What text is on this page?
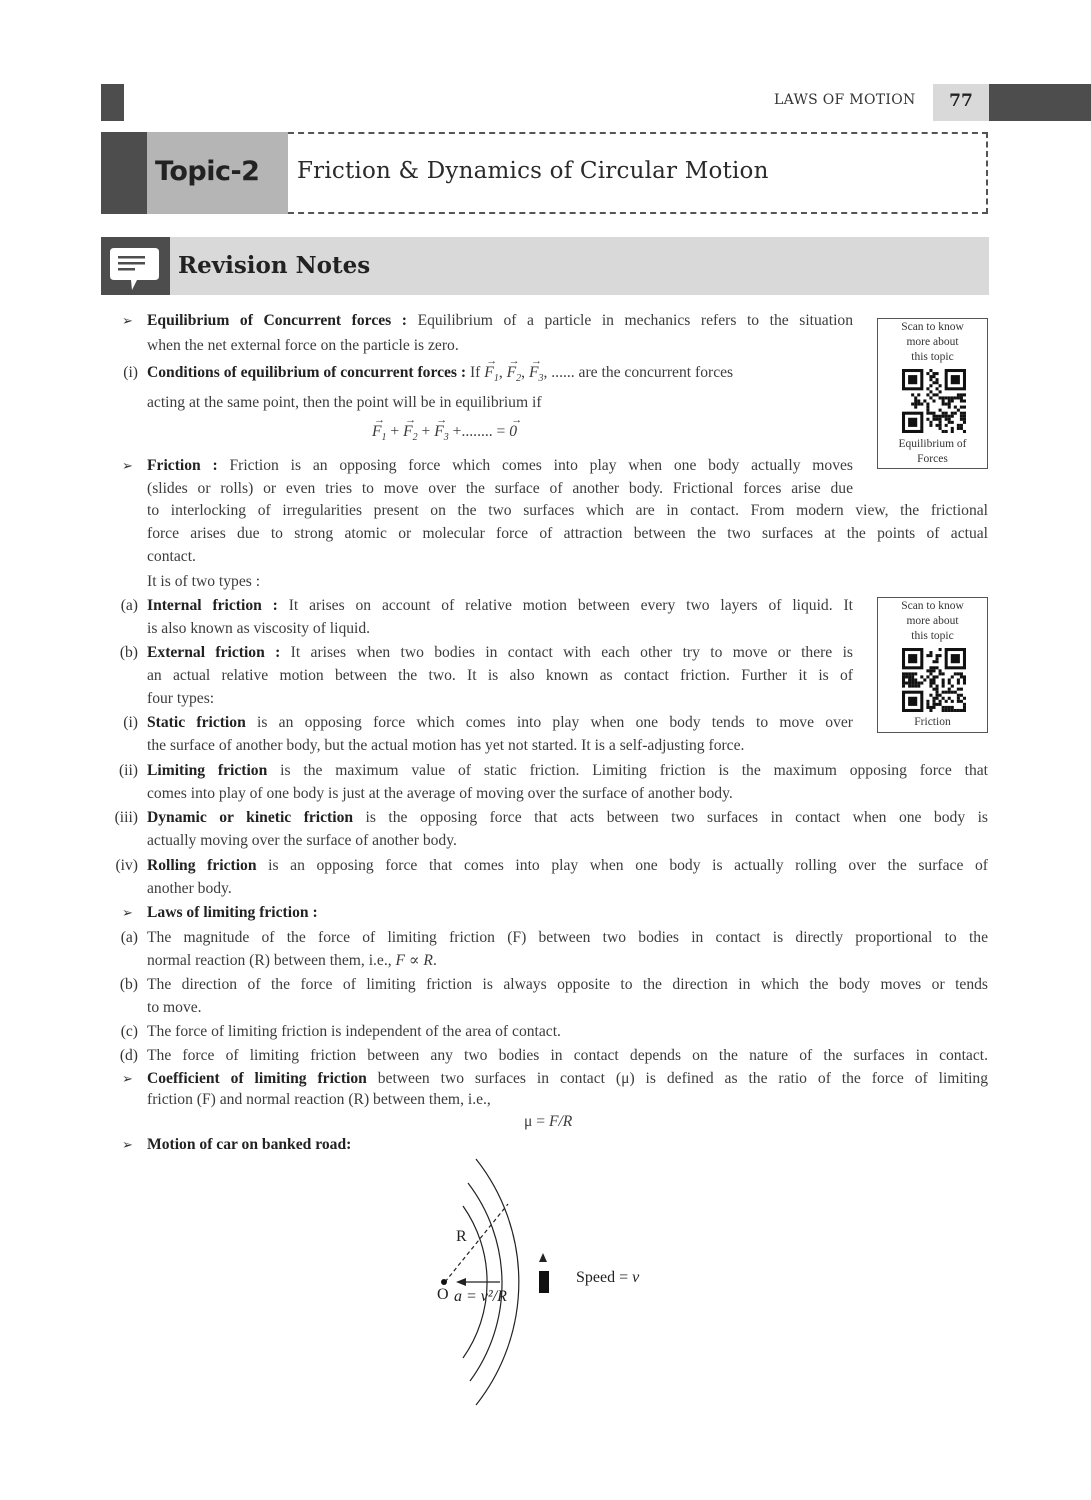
LAWS OF MOTION	77
Topic-2 Friction & Dynamics of Circular Motion
Revision Notes
Scan to know
more about
this topic
Equilibrium of
Forces
Scan to know
more about
this topic
Friction
➢ Equilibrium of Concurrent forces : Equilibrium of a particle in mechanics refers to the situation
when the net external force on the particle is zero.
(i) Conditions of equilibrium of concurrent forces : $If \to F_1$, → $F_2$, → $F_3$, ...... are the concurrent forces
acting at the same point, then the point will be in equilibrium if
→ $F_1$ + → $F_2$ + → $F_3$ +........ = → 0
➢ Friction : Friction is an opposing force which comes into play when one body actually moves
(slides or rolls) or even tries to move over the surface of another body. Frictional forces arise due
to interlocking of irregularities present on the two surfaces which are in contact. From modern view, the frictional
force arises due to strong atomic or molecular force of attraction between the two surfaces at the points of actual
contact.
It is of two types :
(a) Internal friction : It arises on account of relative motion between every two layers of liquid. It
is also known as viscosity of liquid.
(b) External friction : It arises when two bodies in contact with each other try to move or there is
an actual relative motion between the two. It is also known as contact friction. Further it is of
four types:
(i) Static friction is an opposing force which comes into play when one body tends to move over
the surface of another body, but the actual motion has yet not started. It is a self-adjusting force.
(ii) Limiting friction is the maximum value of static friction. Limiting friction is the maximum opposing force that
comes into play of one body is just at the average of moving over the surface of another body.
(iii) Dynamic or kinetic friction is the opposing force that acts between two surfaces in contact when one body is
actually moving over the surface of another body.
(iv) Rolling friction is an opposing force that comes into play when one body is actually rolling over the surface of
another body.
➢ Laws of limiting friction :
(a) The magnitude of the force of limiting friction (F) between two bodies in contact is directly proportional to the
normal reaction (R) between them, i.e., F ∝ R.
(b) The direction of the force of limiting friction is always opposite to the direction in which the body moves or tends
to move.
(c) The force of limiting friction is independent of the area of contact.
(d) The force of limiting friction between any two bodies in contact depends on the nature of the surfaces in contact.
➢ Coefficient of limiting friction between two surfaces in contact (μ) is defined as the ratio of the force of limiting
friction (F) and normal reaction (R) between them, i.e.,
μ = F/R
➢ Motion of car on banked road:
R
O a = v²/R
Speed = v
